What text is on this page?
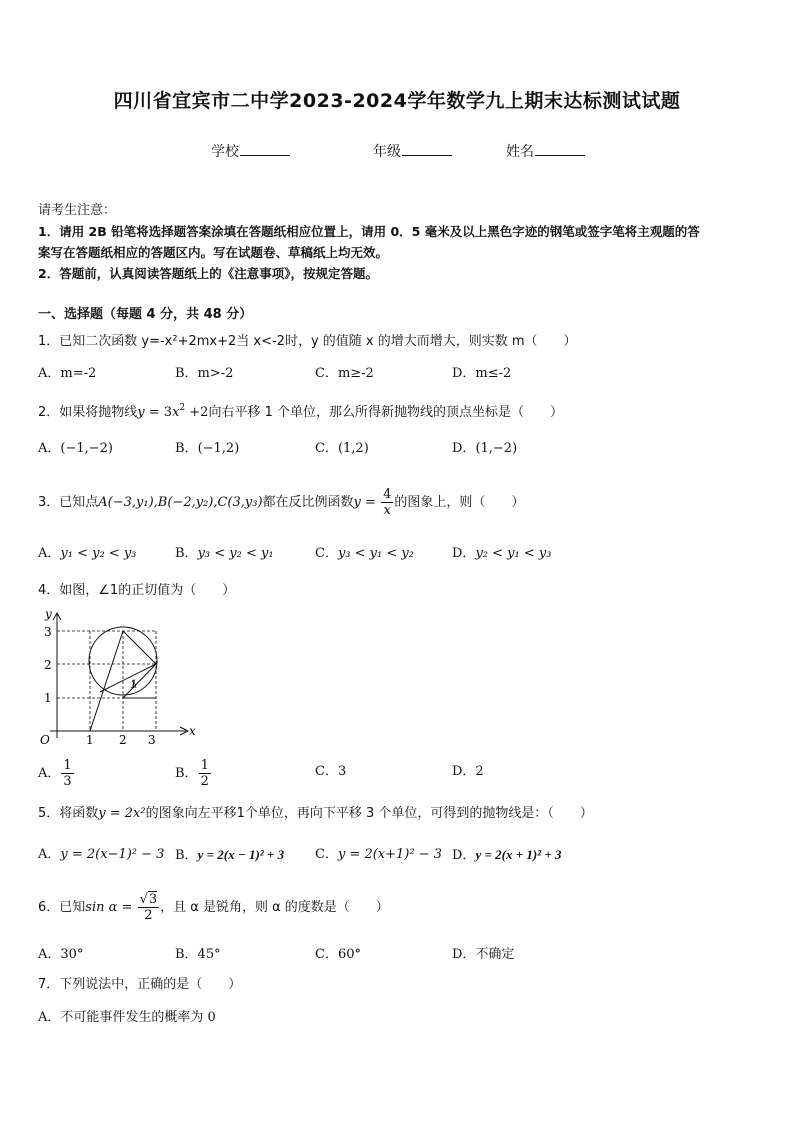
四川省宜宾市二中学2023-2024学年数学九上期末达标测试试题
学校	年级	姓名
请考生注意：
1．请用 2B 铅笔将选择题答案涂填在答题纸相应位置上，请用 0．5 毫米及以上黑色字迹的钢笔或签字笔将主观题的答
案写在答题纸相应的答题区内。写在试题卷、草稿纸上均无效。
2．答题前，认真阅读答题纸上的《注意事项》，按规定答题。
一、选择题（每题 4 分，共 48 分）
1．已知二次函数 y=-x²+2mx+2当 x<-2时，y 的值随 x 的增大而增大，则实数 m（　　）
A．m=-2	B．m>-2	C．m≥-2	D．m≤-2
2．如果将抛物线$y = 3x^2 +2$向右平移 1 个单位，那么所得新抛物线的顶点坐标是（　　）
A．(−1,−2)	B．(−1,2)	C．(1,2)	D．(1,−2)
3．已知点A(−3,y₁),B(−2,y₂),C(3,y₃)都在反比例函数$y = \frac{4}{x}$ 的图象上，则（　　）
A．y₁ < y₂ < y₃	B．y₃ < y₂ < y₁	C．y₃ < y₁ < y₂	D．y₂ < y₁ < y₃
4．如图，∠1的正切值为（　　）
1
y
x
O	1 2 3
1
2
3
A． $\frac{1}{3}$	B． $\frac{1}{2}$	C．3	D．2
5．将函数y = 2x²的图象向左平移1个单位，再向下平移 3 个单位，可得到的抛物线是：（　　）
A．y = 2(x−1)² − 3 B．y = 2(x − 1)² + 3 C．y = 2(x+1)² − 3 D．y = 2(x + 1)² + 3
6．已知$\sin \alpha = \frac{√3}{2}$ ，且 α 是锐角，则 α 的度数是（　　）
A．30°	B．45°	C．60°	D．不确定
7．下列说法中，正确的是（　　）
A．不可能事件发生的概率为 0
